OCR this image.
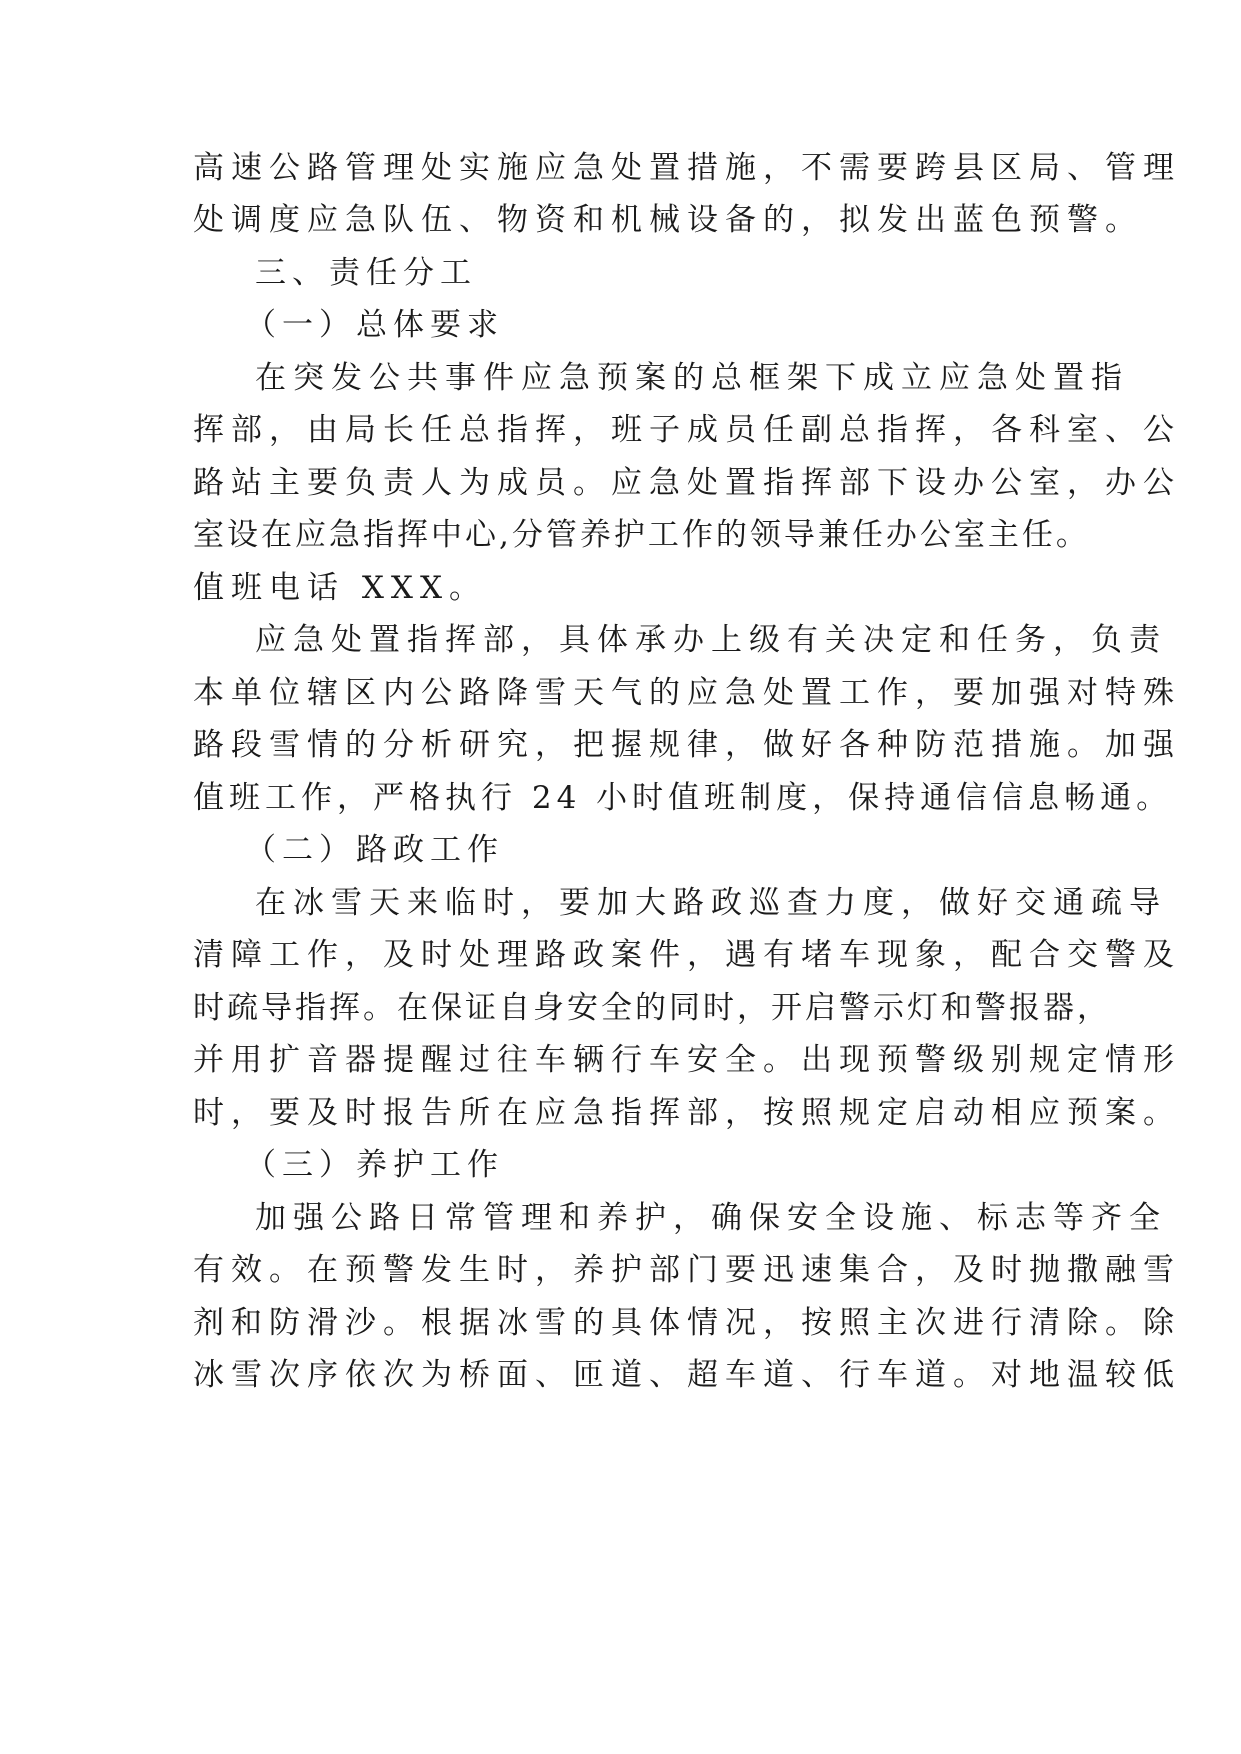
高速公路管理处实施应急处置措施，不需要跨县区局、管理
处调度应急队伍、物资和机械设备的，拟发出蓝色预警。
三、责任分工
（一）总体要求
在突发公共事件应急预案的总框架下成立应急处置指
挥部，由局长任总指挥，班子成员任副总指挥，各科室、公
路站主要负责人为成员。应急处置指挥部下设办公室，办公
室设在应急指挥中心,分管养护工作的领导兼任办公室主任。
值班电话 XXX。
应急处置指挥部，具体承办上级有关决定和任务，负责
本单位辖区内公路降雪天气的应急处置工作，要加强对特殊
路段雪情的分析研究，把握规律，做好各种防范措施。加强
值班工作，严格执行 24 小时值班制度，保持通信信息畅通。
（二）路政工作
在冰雪天来临时，要加大路政巡查力度，做好交通疏导
清障工作，及时处理路政案件，遇有堵车现象，配合交警及
时疏导指挥。在保证自身安全的同时，开启警示灯和警报器，
并用扩音器提醒过往车辆行车安全。出现预警级别规定情形
时，要及时报告所在应急指挥部，按照规定启动相应预案。
（三）养护工作
加强公路日常管理和养护，确保安全设施、标志等齐全
有效。在预警发生时，养护部门要迅速集合，及时抛撒融雪
剂和防滑沙。根据冰雪的具体情况，按照主次进行清除。除
冰雪次序依次为桥面、匝道、超车道、行车道。对地温较低
